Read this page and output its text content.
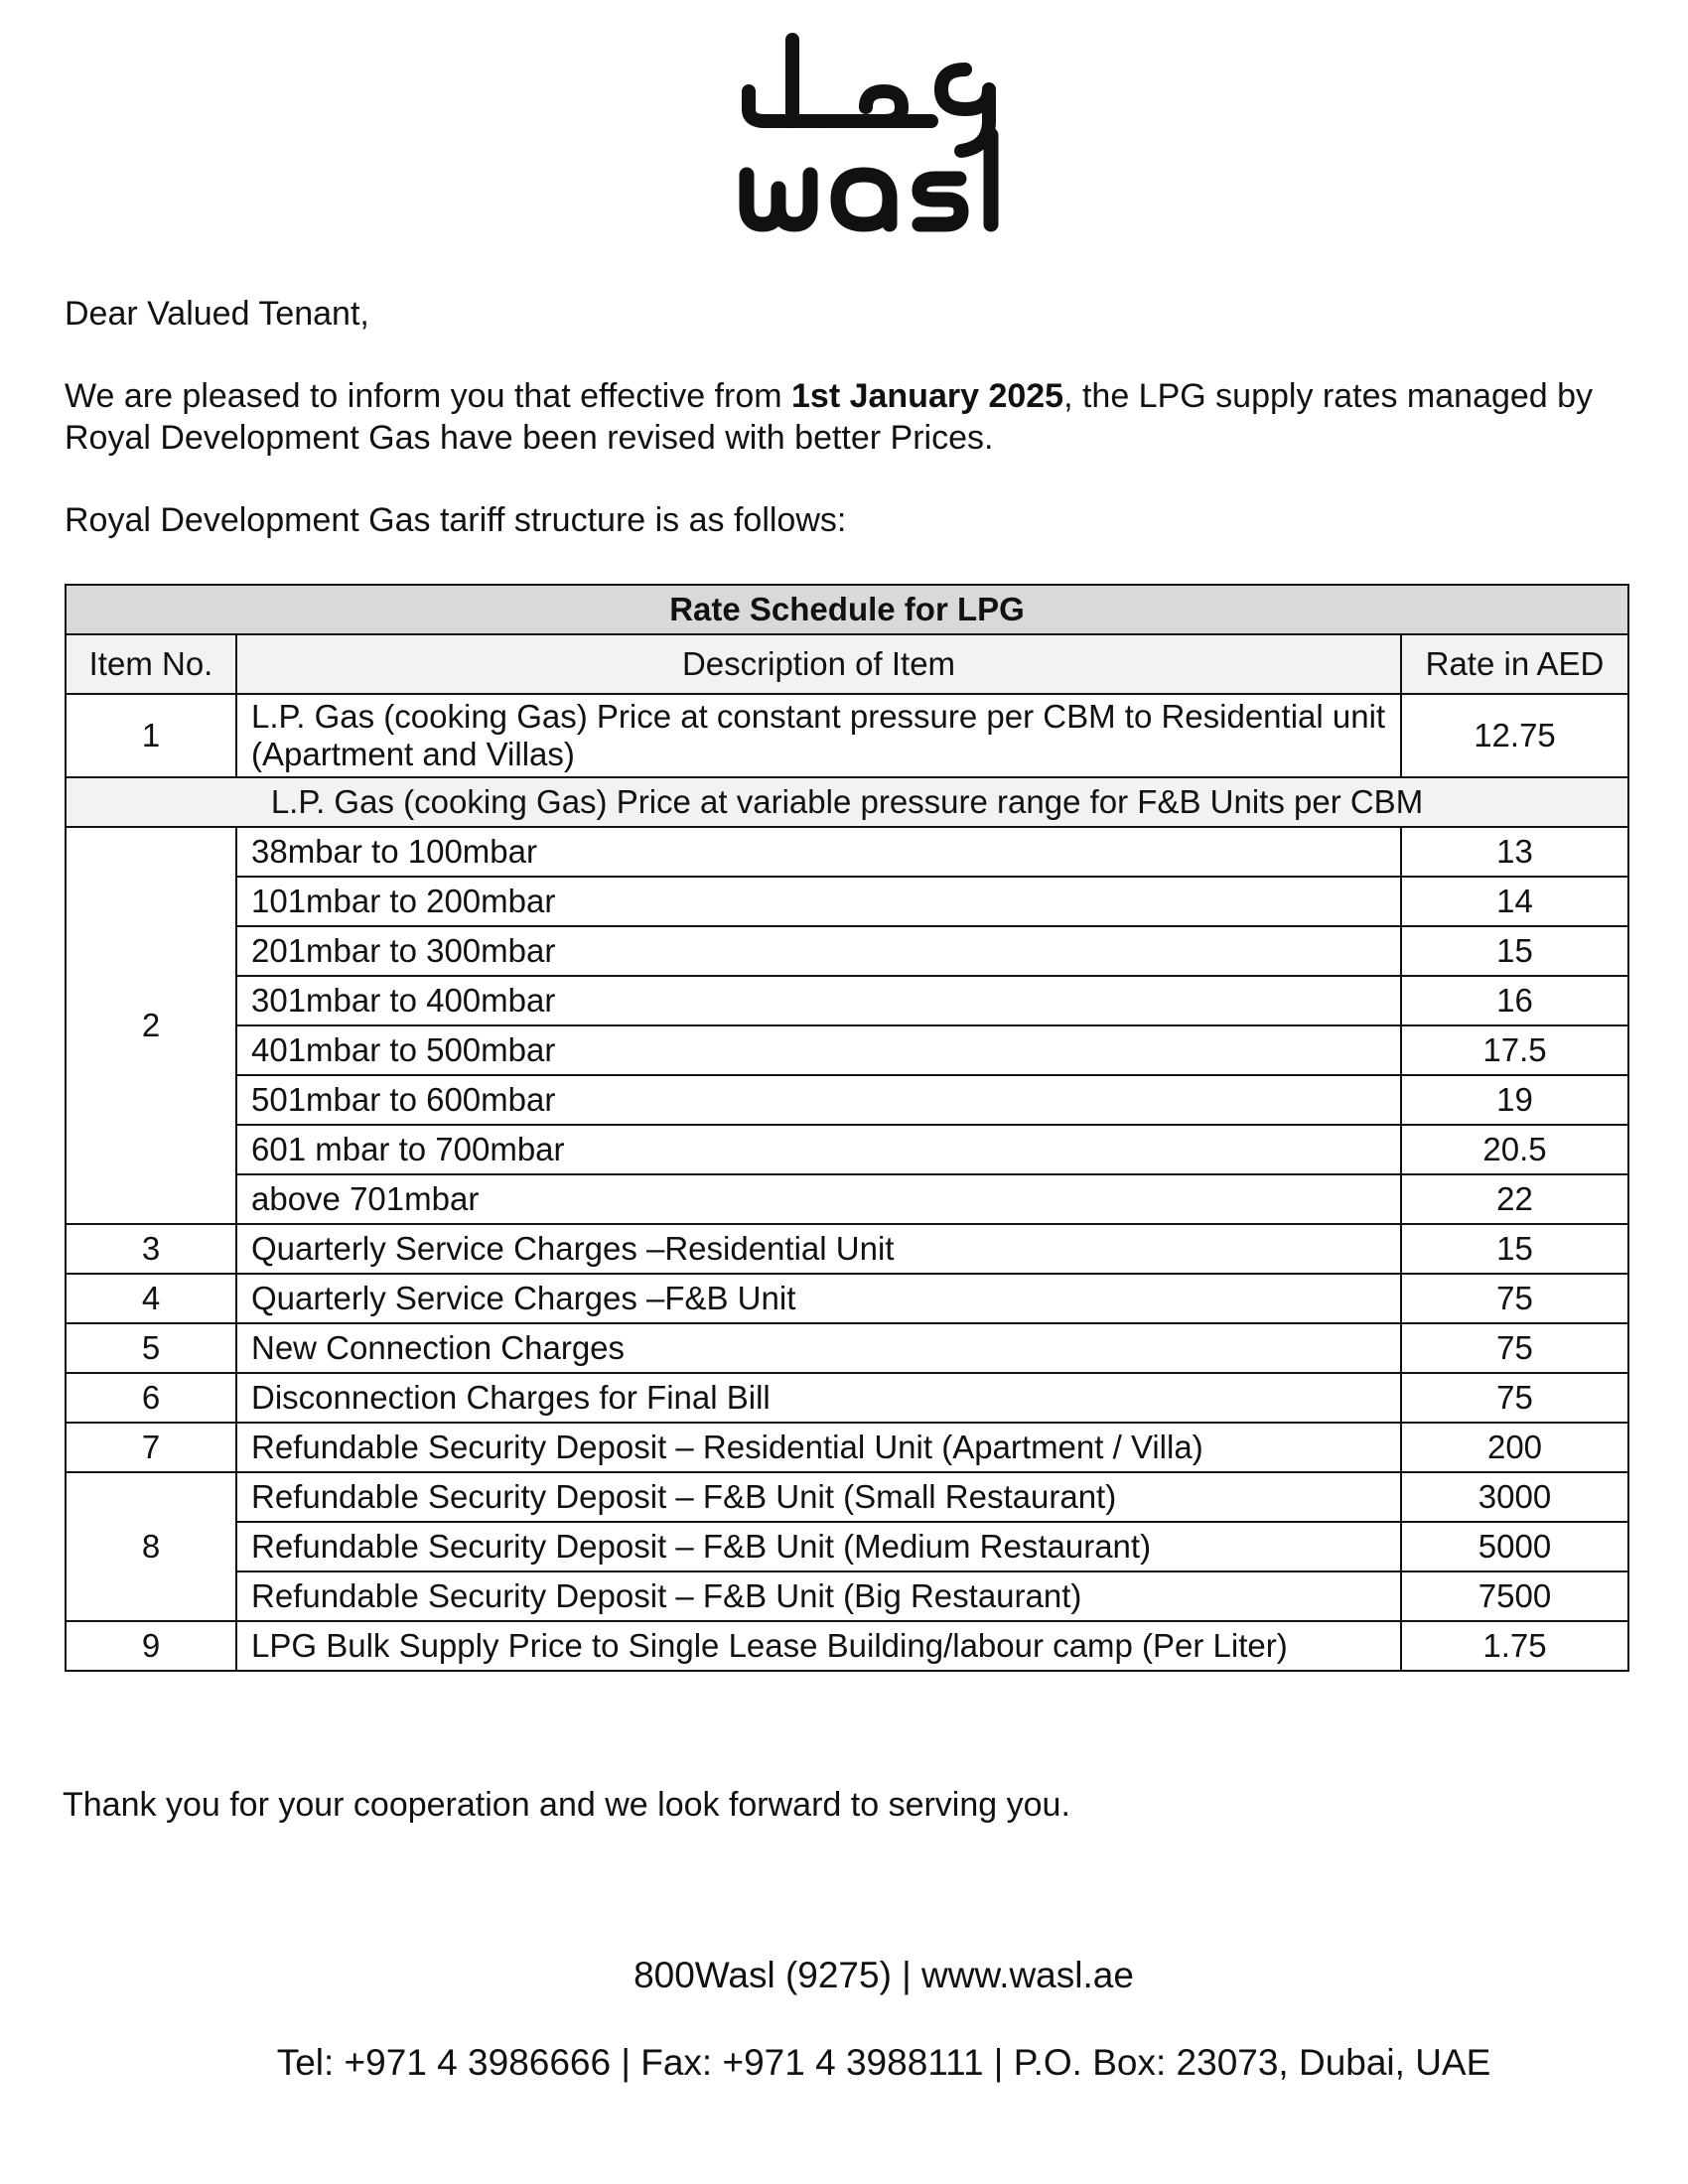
Dear Valued Tenant,

We are pleased to inform you that effective from 1st January 2025, the LPG supply rates managed by Royal Development Gas have been revised with better Prices.

Royal Development Gas tariff structure is as follows:

Rate Schedule for LPG		
Item No.	Description of Item	Rate in AED
1	L.P. Gas (cooking Gas) Price at constant pressure per CBM to Residential unit (Apartment and Villas)	12.75
L.P. Gas (cooking Gas) Price at variable pressure range for F&B Units per CBM		
2	38mbar to 100mbar	13
	101mbar to 200mbar	14
	201mbar to 300mbar	15
	301mbar to 400mbar	16
	401mbar to 500mbar	17.5
	501mbar to 600mbar	19
	601 mbar to 700mbar	20.5
	above 701mbar	22
3	Quarterly Service Charges –Residential Unit	15
4	Quarterly Service Charges –F&B Unit	75
5	New Connection Charges	75
6	Disconnection Charges for Final Bill	75
7	Refundable Security Deposit – Residential Unit (Apartment / Villa)	200
8	Refundable Security Deposit – F&B Unit (Small Restaurant)	3000
	Refundable Security Deposit – F&B Unit (Medium Restaurant)	5000
	Refundable Security Deposit – F&B Unit (Big Restaurant)	7500
9	LPG Bulk Supply Price to Single Lease Building/labour camp (Per Liter)	1.75

Thank you for your cooperation and we look forward to serving you.

800Wasl (9275) | www.wasl.ae
Tel: +971 4 3986666 | Fax: +971 4 3988111 | P.O. Box: 23073, Dubai, UAE
